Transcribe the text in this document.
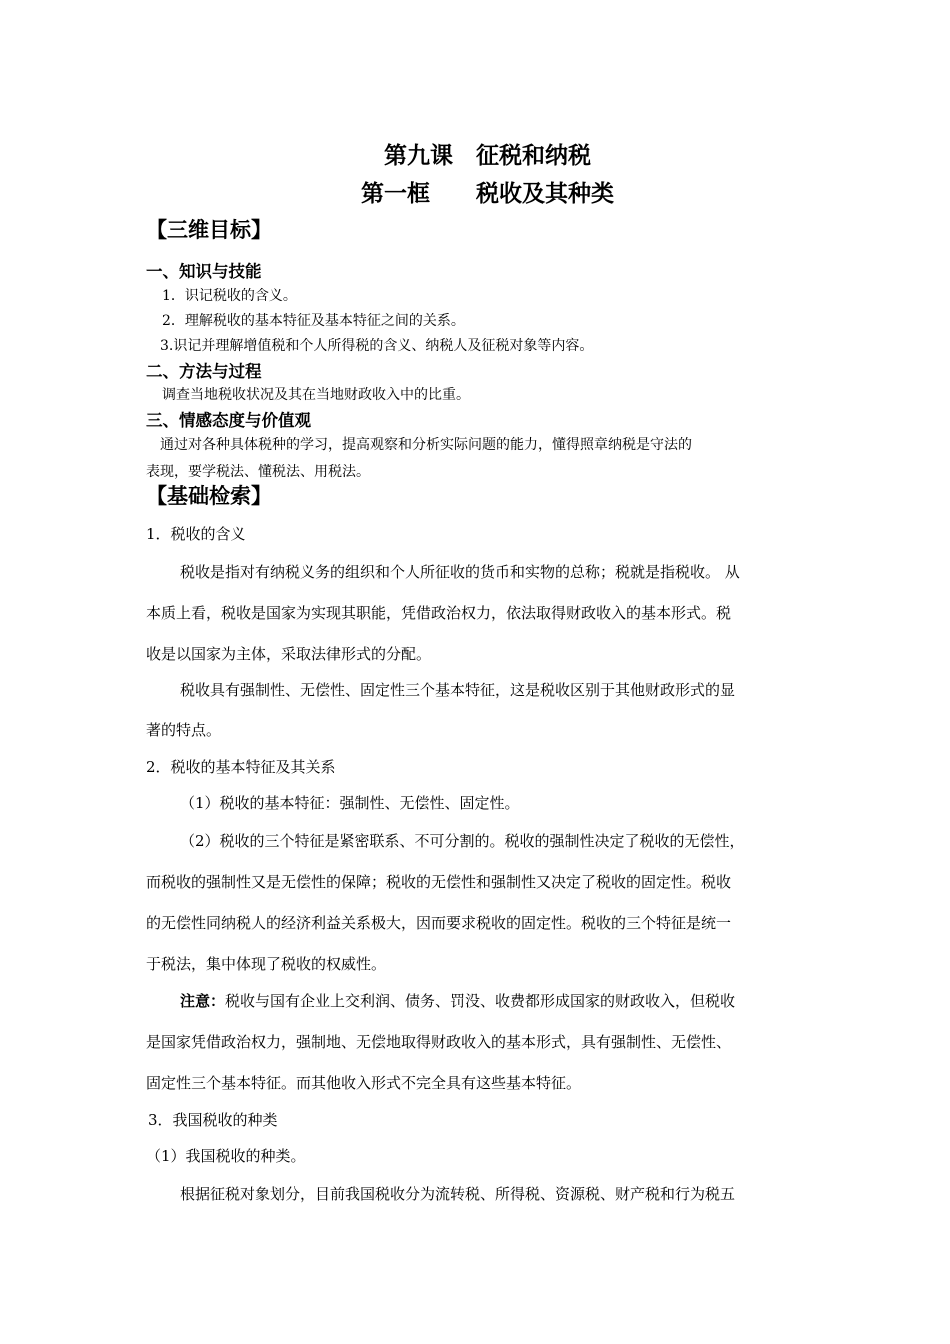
第九课　征税和纳税
第一框　　税收及其种类
【三维目标】
一、知识与技能
1．识记税收的含义。
2．理解税收的基本特征及基本特征之间的关系。
3.识记并理解增值税和个人所得税的含义、纳税人及征税对象等内容。
二、方法与过程
调查当地税收状况及其在当地财政收入中的比重。
三、情感态度与价值观
通过对各种具体税种的学习，提高观察和分析实际问题的能力，懂得照章纳税是守法的
表现，要学税法、懂税法、用税法。
【基础检索】
1．税收的含义
税收是指对有纳税义务的组织和个人所征收的货币和实物的总称；税就是指税收。 从
本质上看，税收是国家为实现其职能，凭借政治权力，依法取得财政收入的基本形式。税
收是以国家为主体，采取法律形式的分配。
税收具有强制性、无偿性、固定性三个基本特征，这是税收区别于其他财政形式的显
著的特点。
2．税收的基本特征及其关系
（1）税收的基本特征：强制性、无偿性、固定性。
（2）税收的三个特征是紧密联系、不可分割的。税收的强制性决定了税收的无偿性，
而税收的强制性又是无偿性的保障；税收的无偿性和强制性又决定了税收的固定性。税收
的无偿性同纳税人的经济利益关系极大，因而要求税收的固定性。税收的三个特征是统一
于税法，集中体现了税收的权威性。
注意：税收与国有企业上交利润、债务、罚没、收费都形成国家的财政收入，但税收
是国家凭借政治权力，强制地、无偿地取得财政收入的基本形式，具有强制性、无偿性、
固定性三个基本特征。而其他收入形式不完全具有这些基本特征。
3．我国税收的种类
（1）我国税收的种类。
根据征税对象划分，目前我国税收分为流转税、所得税、资源税、财产税和行为税五
